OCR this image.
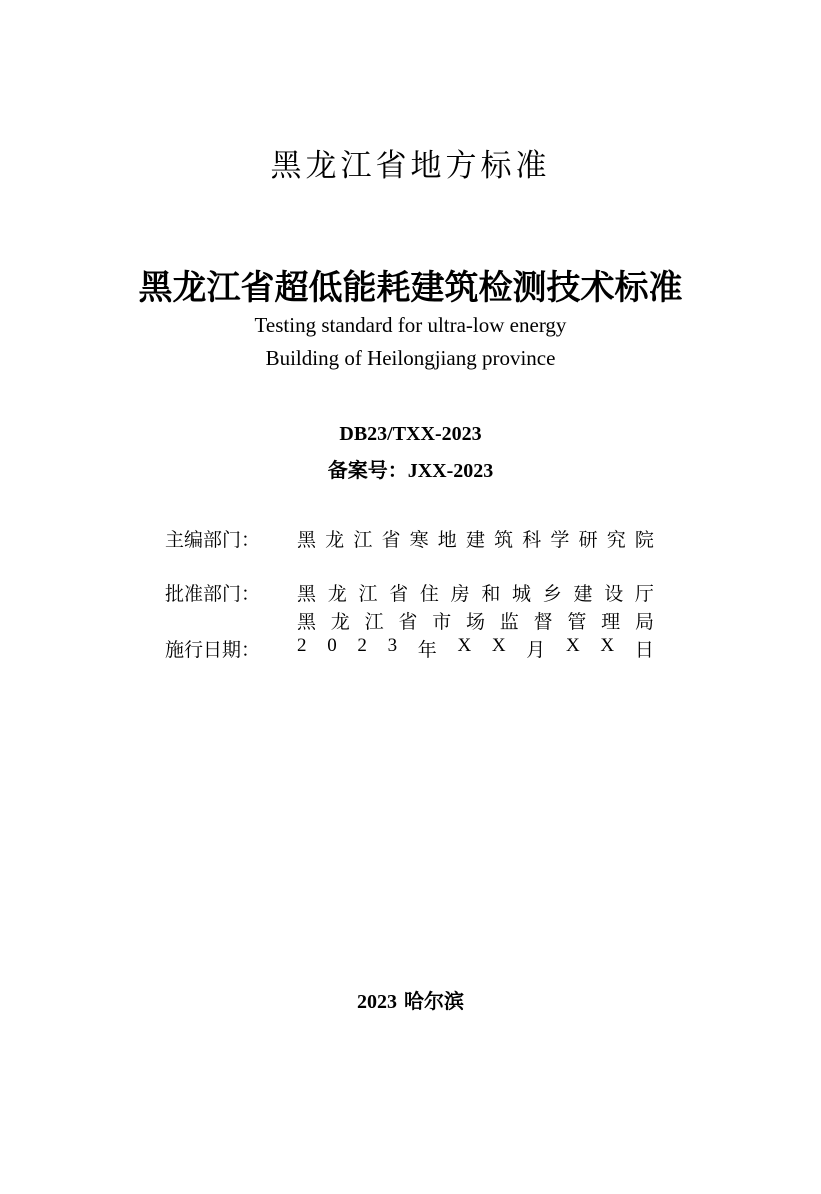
黑龙江省地方标准
黑龙江省超低能耗建筑检测技术标准
Testing standard for ultra-low energy
Building of Heilongjiang province
DB23/TXX-2023
备案号：JXX-2023
主编部门：	黑 龙 江 省 寒 地 建 筑 科 学 研 究 院
批准部门：	黑 龙 江 省 住 房 和 城 乡 建 设 厅
黑 龙 江 省 市 场 监 督 管 理 局
施行日期：	2 0 2 3 年 X X 月 X X 日
2023 哈尔滨
